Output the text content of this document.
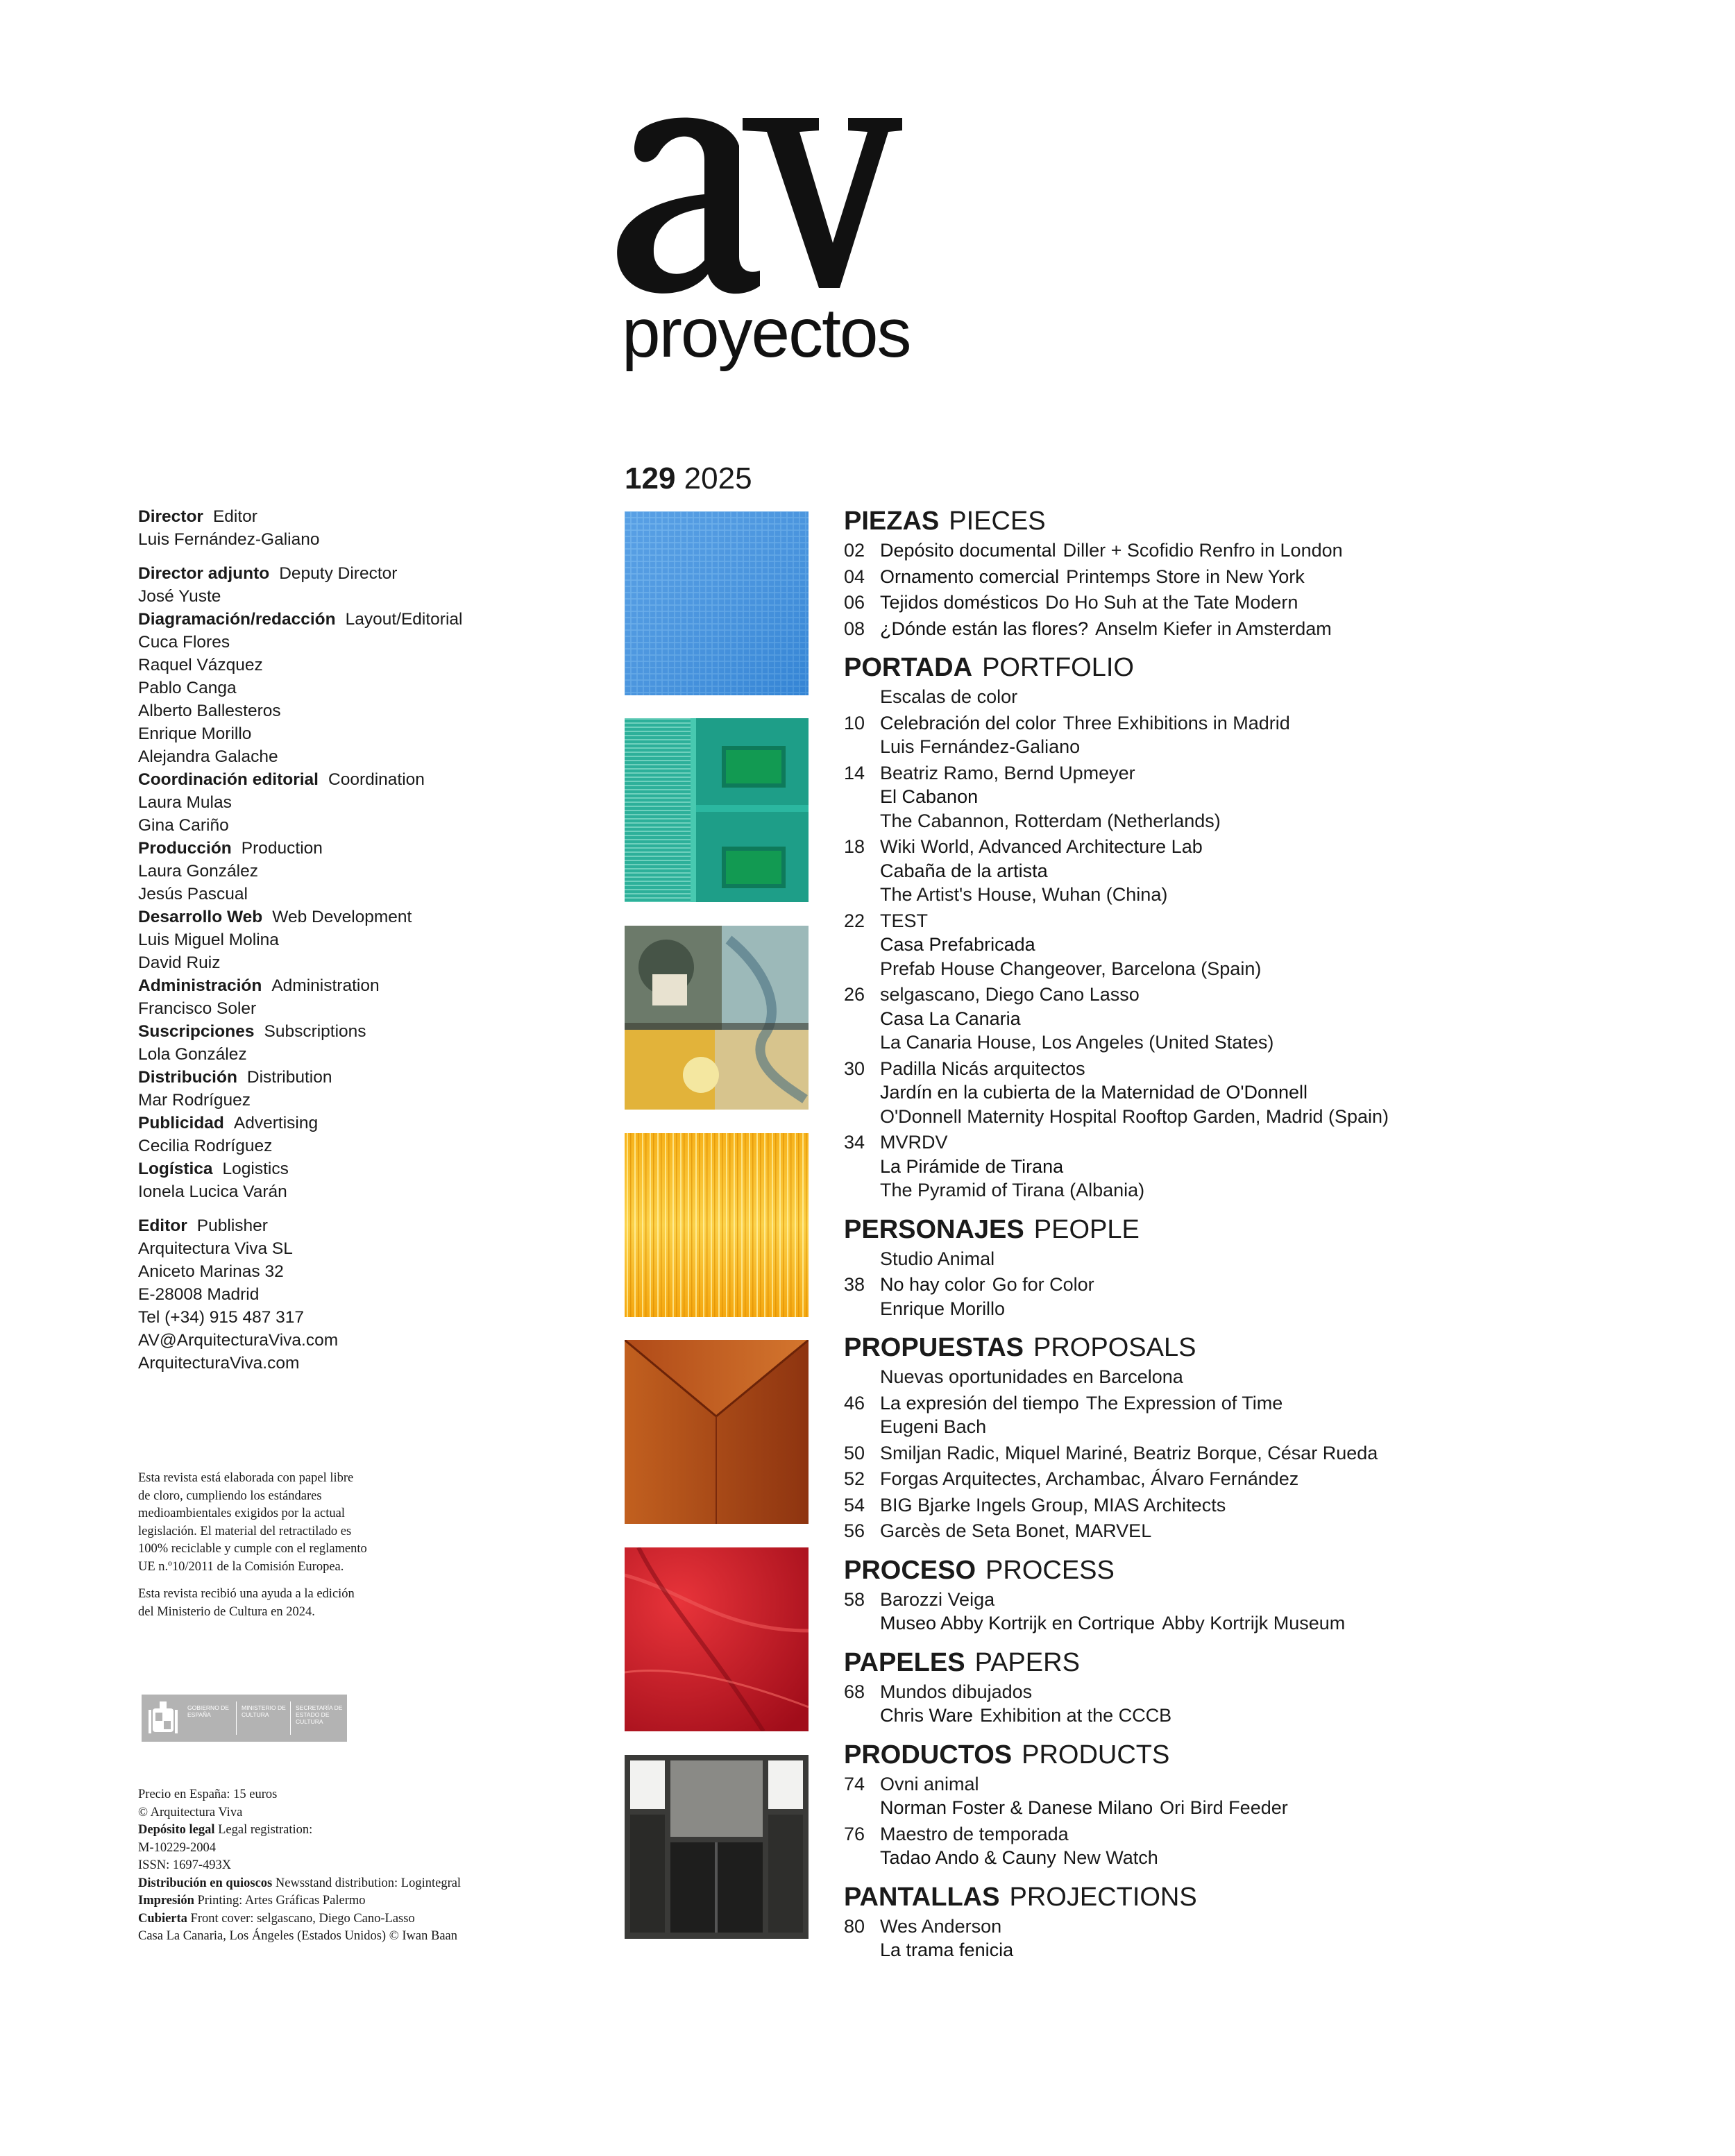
proyectos
129 2025
Director Editor
Luis Fernández-Galiano
Director adjunto Deputy Director
José Yuste
Diagramación/redacción Layout/Editorial
Cuca Flores
Raquel Vázquez
Pablo Canga
Alberto Ballesteros
Enrique Morillo
Alejandra Galache
Coordinación editorial Coordination
Laura Mulas
Gina Cariño
Producción Production
Laura González
Jesús Pascual
Desarrollo Web Web Development
Luis Miguel Molina
David Ruiz
Administración Administration
Francisco Soler
Suscripciones Subscriptions
Lola González
Distribución Distribution
Mar Rodríguez
Publicidad Advertising
Cecilia Rodríguez
Logística Logistics
Ionela Lucica Varán
Editor Publisher
Arquitectura Viva SL
Aniceto Marinas 32
E-28008 Madrid
Tel (+34) 915 487 317
AV@ArquitecturaViva.com
ArquitecturaViva.com

Esta revista está elaborada con papel libre de cloro, cumpliendo los estándares medioambientales exigidos por la actual legislación. El material del retractilado es 100% reciclable y cumple con el reglamento UE n.º10/2011 de la Comisión Europea.

Esta revista recibió una ayuda a la edición del Ministerio de Cultura en 2024.

GOBIERNO DE ESPAÑA
MINISTERIO DE CULTURA
SECRETARÍA DE ESTADO DE CULTURA
Precio en España: 15 euros
© Arquitectura Viva
Depósito legal Legal registration:
M-10229-2004
ISSN: 1697-493X
Distribución en quioscos Newsstand distribution: Logintegral
Impresión Printing: Artes Gráficas Palermo
Cubierta Front cover: selgascano, Diego Cano-Lasso
Casa La Canaria, Los Ángeles (Estados Unidos) © Iwan Baan
PIEZAS PIECES
02 Depósito documental Diller + Scofidio Renfro in London
04 Ornamento comercial Printemps Store in New York
06 Tejidos domésticos Do Ho Suh at the Tate Modern
08 ¿Dónde están las flores? Anselm Kiefer in Amsterdam
PORTADA PORTFOLIO
Escalas de color
10 Celebración del color Three Exhibitions in Madrid
Luis Fernández-Galiano
14 Beatriz Ramo, Bernd Upmeyer
El Cabanon
The Cabannon, Rotterdam (Netherlands)
18 Wiki World, Advanced Architecture Lab
Cabaña de la artista
The Artist's House, Wuhan (China)
22 TEST
Casa Prefabricada
Prefab House Changeover, Barcelona (Spain)
26 selgascano, Diego Cano Lasso
Casa La Canaria
La Canaria House, Los Angeles (United States)
30 Padilla Nicás arquitectos
Jardín en la cubierta de la Maternidad de O'Donnell
O'Donnell Maternity Hospital Rooftop Garden, Madrid (Spain)
34 MVRDV
La Pirámide de Tirana
The Pyramid of Tirana (Albania)
PERSONAJES PEOPLE
Studio Animal
38 No hay color Go for Color
Enrique Morillo
PROPUESTAS PROPOSALS
Nuevas oportunidades en Barcelona
46 La expresión del tiempo The Expression of Time
Eugeni Bach
50 Smiljan Radic, Miquel Mariné, Beatriz Borque, César Rueda
52 Forgas Arquitectes, Archambac, Álvaro Fernández
54 BIG Bjarke Ingels Group, MIAS Architects
56 Garcès de Seta Bonet, MARVEL
PROCESO PROCESS
58 Barozzi Veiga
Museo Abby Kortrijk en Cortrique Abby Kortrijk Museum
PAPELES PAPERS
68 Mundos dibujados
Chris Ware Exhibition at the CCCB
PRODUCTOS PRODUCTS
74 Ovni animal
Norman Foster & Danese Milano Ori Bird Feeder
76 Maestro de temporada
Tadao Ando & Cauny New Watch
PANTALLAS PROJECTIONS
80 Wes Anderson
La trama fenicia
